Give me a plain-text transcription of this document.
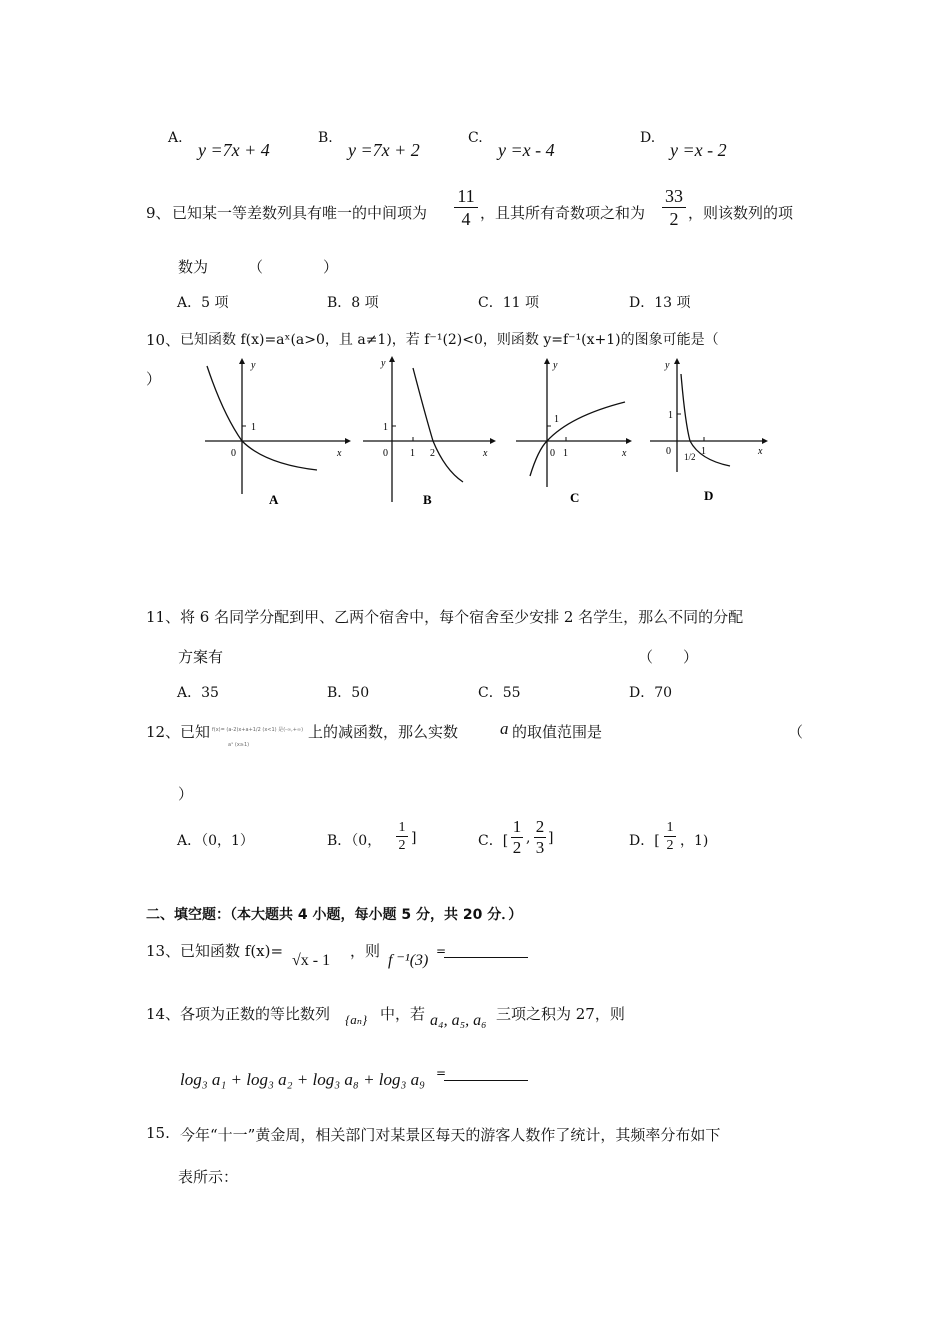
A.
y =7x + 4
B.
y =7x + 2
C.
y =x - 4
D.
y =x - 2
9、 已知某一等差数列具有唯一的中间项为
11
4 ，且其所有奇数项之和为
33
2 ，则该数列的项
数为	（　　　　）
A．5 项	B．8 项	C．11 项	D．13 项
10、 已知函数 f(x)=aˣ(a>0，且 a≠1)，若 f⁻¹(2)<0，则函数 y=f⁻¹(x+1)的图象可能是（
）
y
x
0
1
A
y
x
0
1
1 2
B
y
x
0
1
1
C
y
x
0
1
1/2 1
D
11、 将 6 名同学分配到甲、乙两个宿舍中，每个宿舍至少安排 2 名学生，那么不同的分配
方案有	（　　）
A．35	B．50	C．55	D．70
12、 已知 f(x)= (a-2)x+a+1/2 (x<1) 是(-∞,+∞)
aˣ (x≥1)
上的减函数，那么实数 a 的取值范围是	（
）
A．（0，1）	B．（0，
1
2 ]	C．[
1
2 ,
2
3 ]	D．[
1
2 ，1)
二、填空题：（本大题共 4 小题，每小题 5 分，共 20 分．）
13、 已知函数 f(x)=
√x - 1
，则
f ⁻¹(3)
=
14、 各项为正数的等比数列 {aₙ} 中，若 a₄, a₅, a₆ 三项之积为 27，则
log₃ a₁ + log₃ a₂ + log₃ a₈ + log₃ a₉ =
15. 今年“十一”黄金周，相关部门对某景区每天的游客人数作了统计，其频率分布如下
表所示：
